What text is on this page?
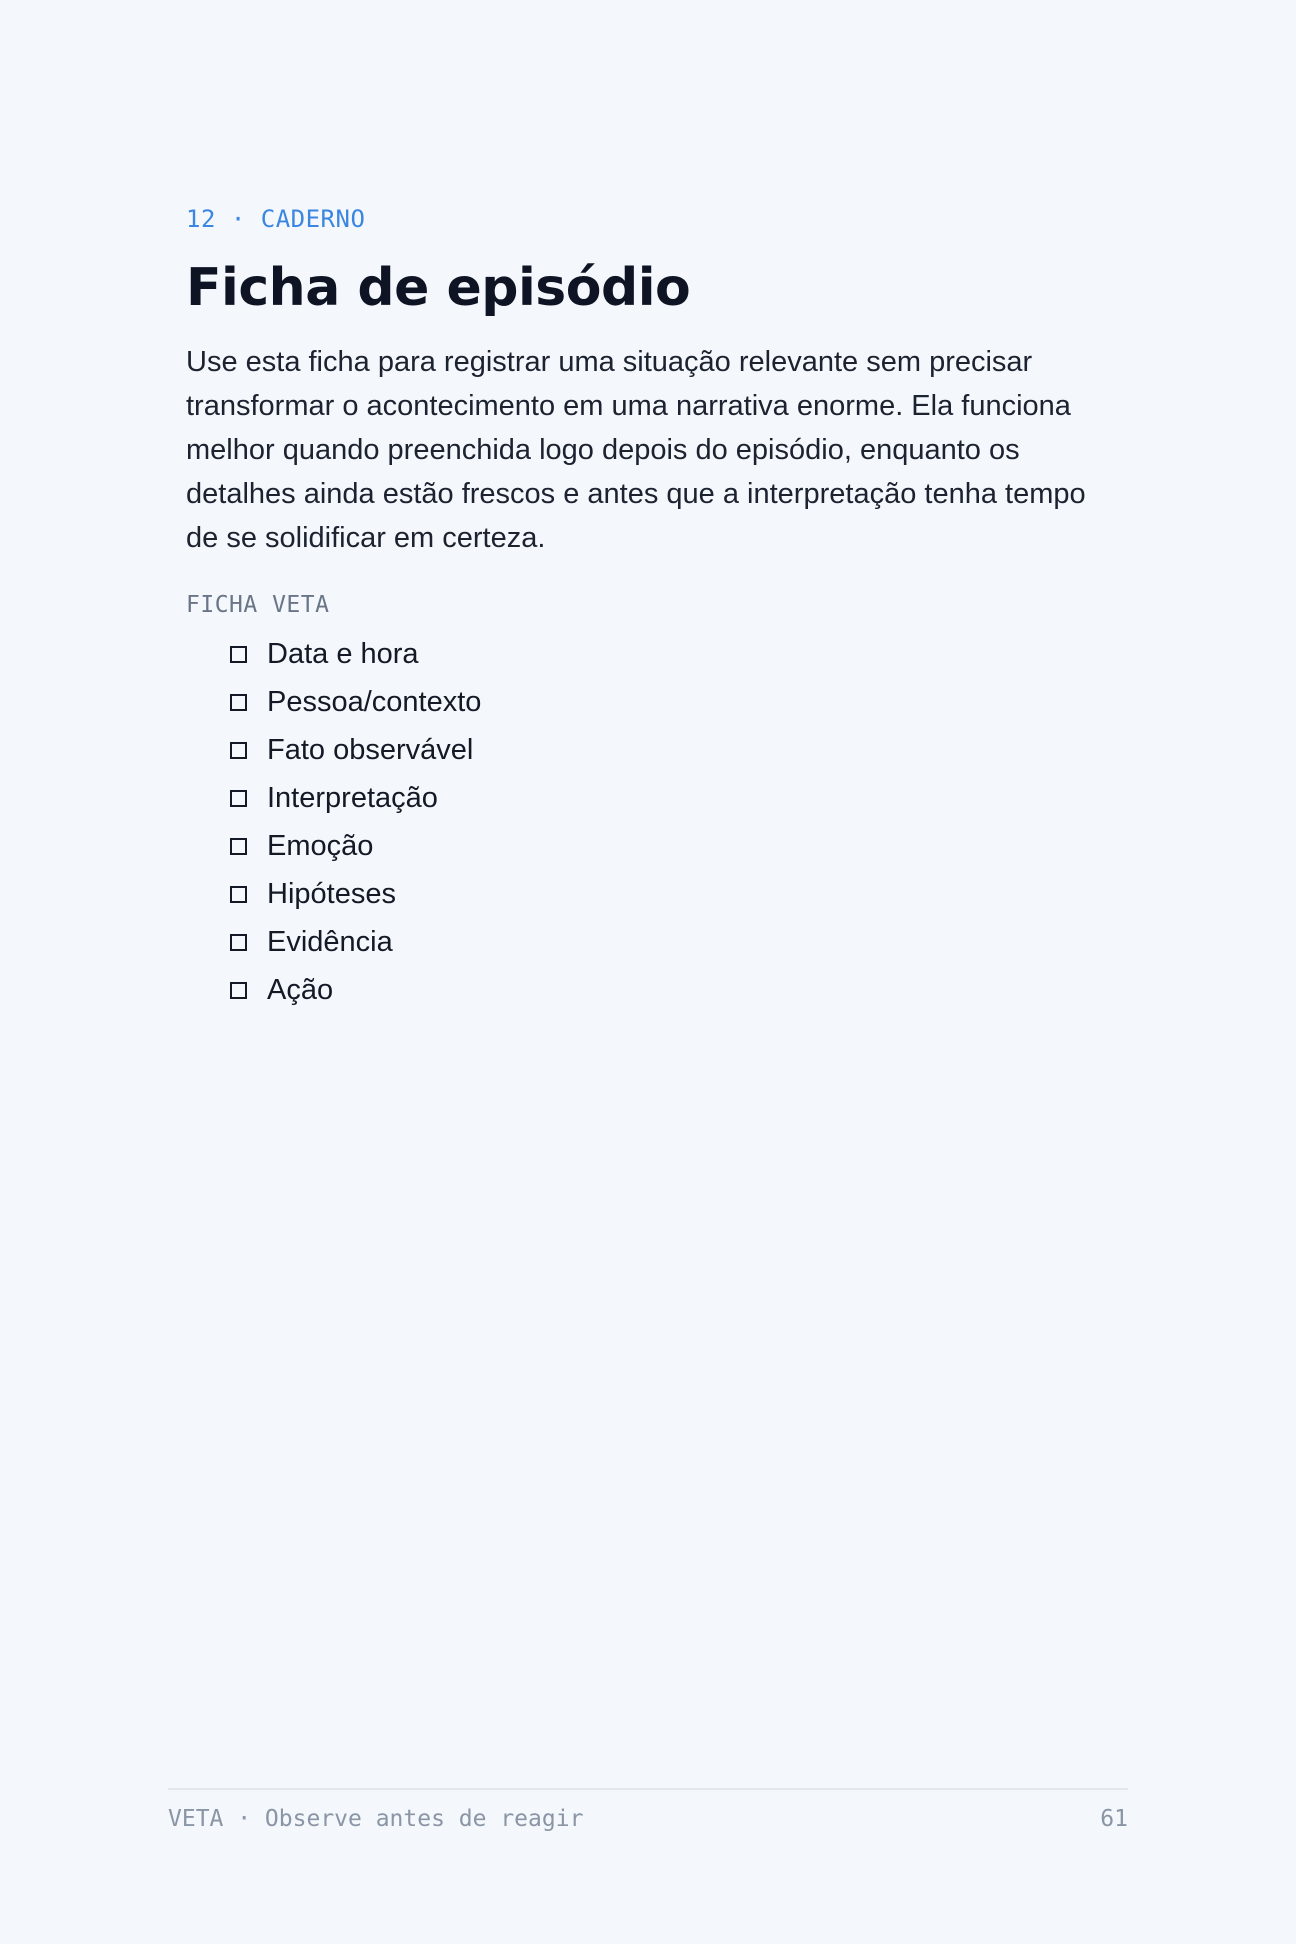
12 · CADERNO

Ficha de episódio

Use esta ficha para registrar uma situação relevante sem precisar transformar o acontecimento em uma narrativa enorme. Ela funciona melhor quando preenchida logo depois do episódio, enquanto os detalhes ainda estão frescos e antes que a interpretação tenha tempo de se solidificar em certeza.

FICHA VETA
Data e hora
Pessoa/contexto
Fato observável
Interpretação
Emoção
Hipóteses
Evidência
Ação
VETA · Observe antes de reagir	61
